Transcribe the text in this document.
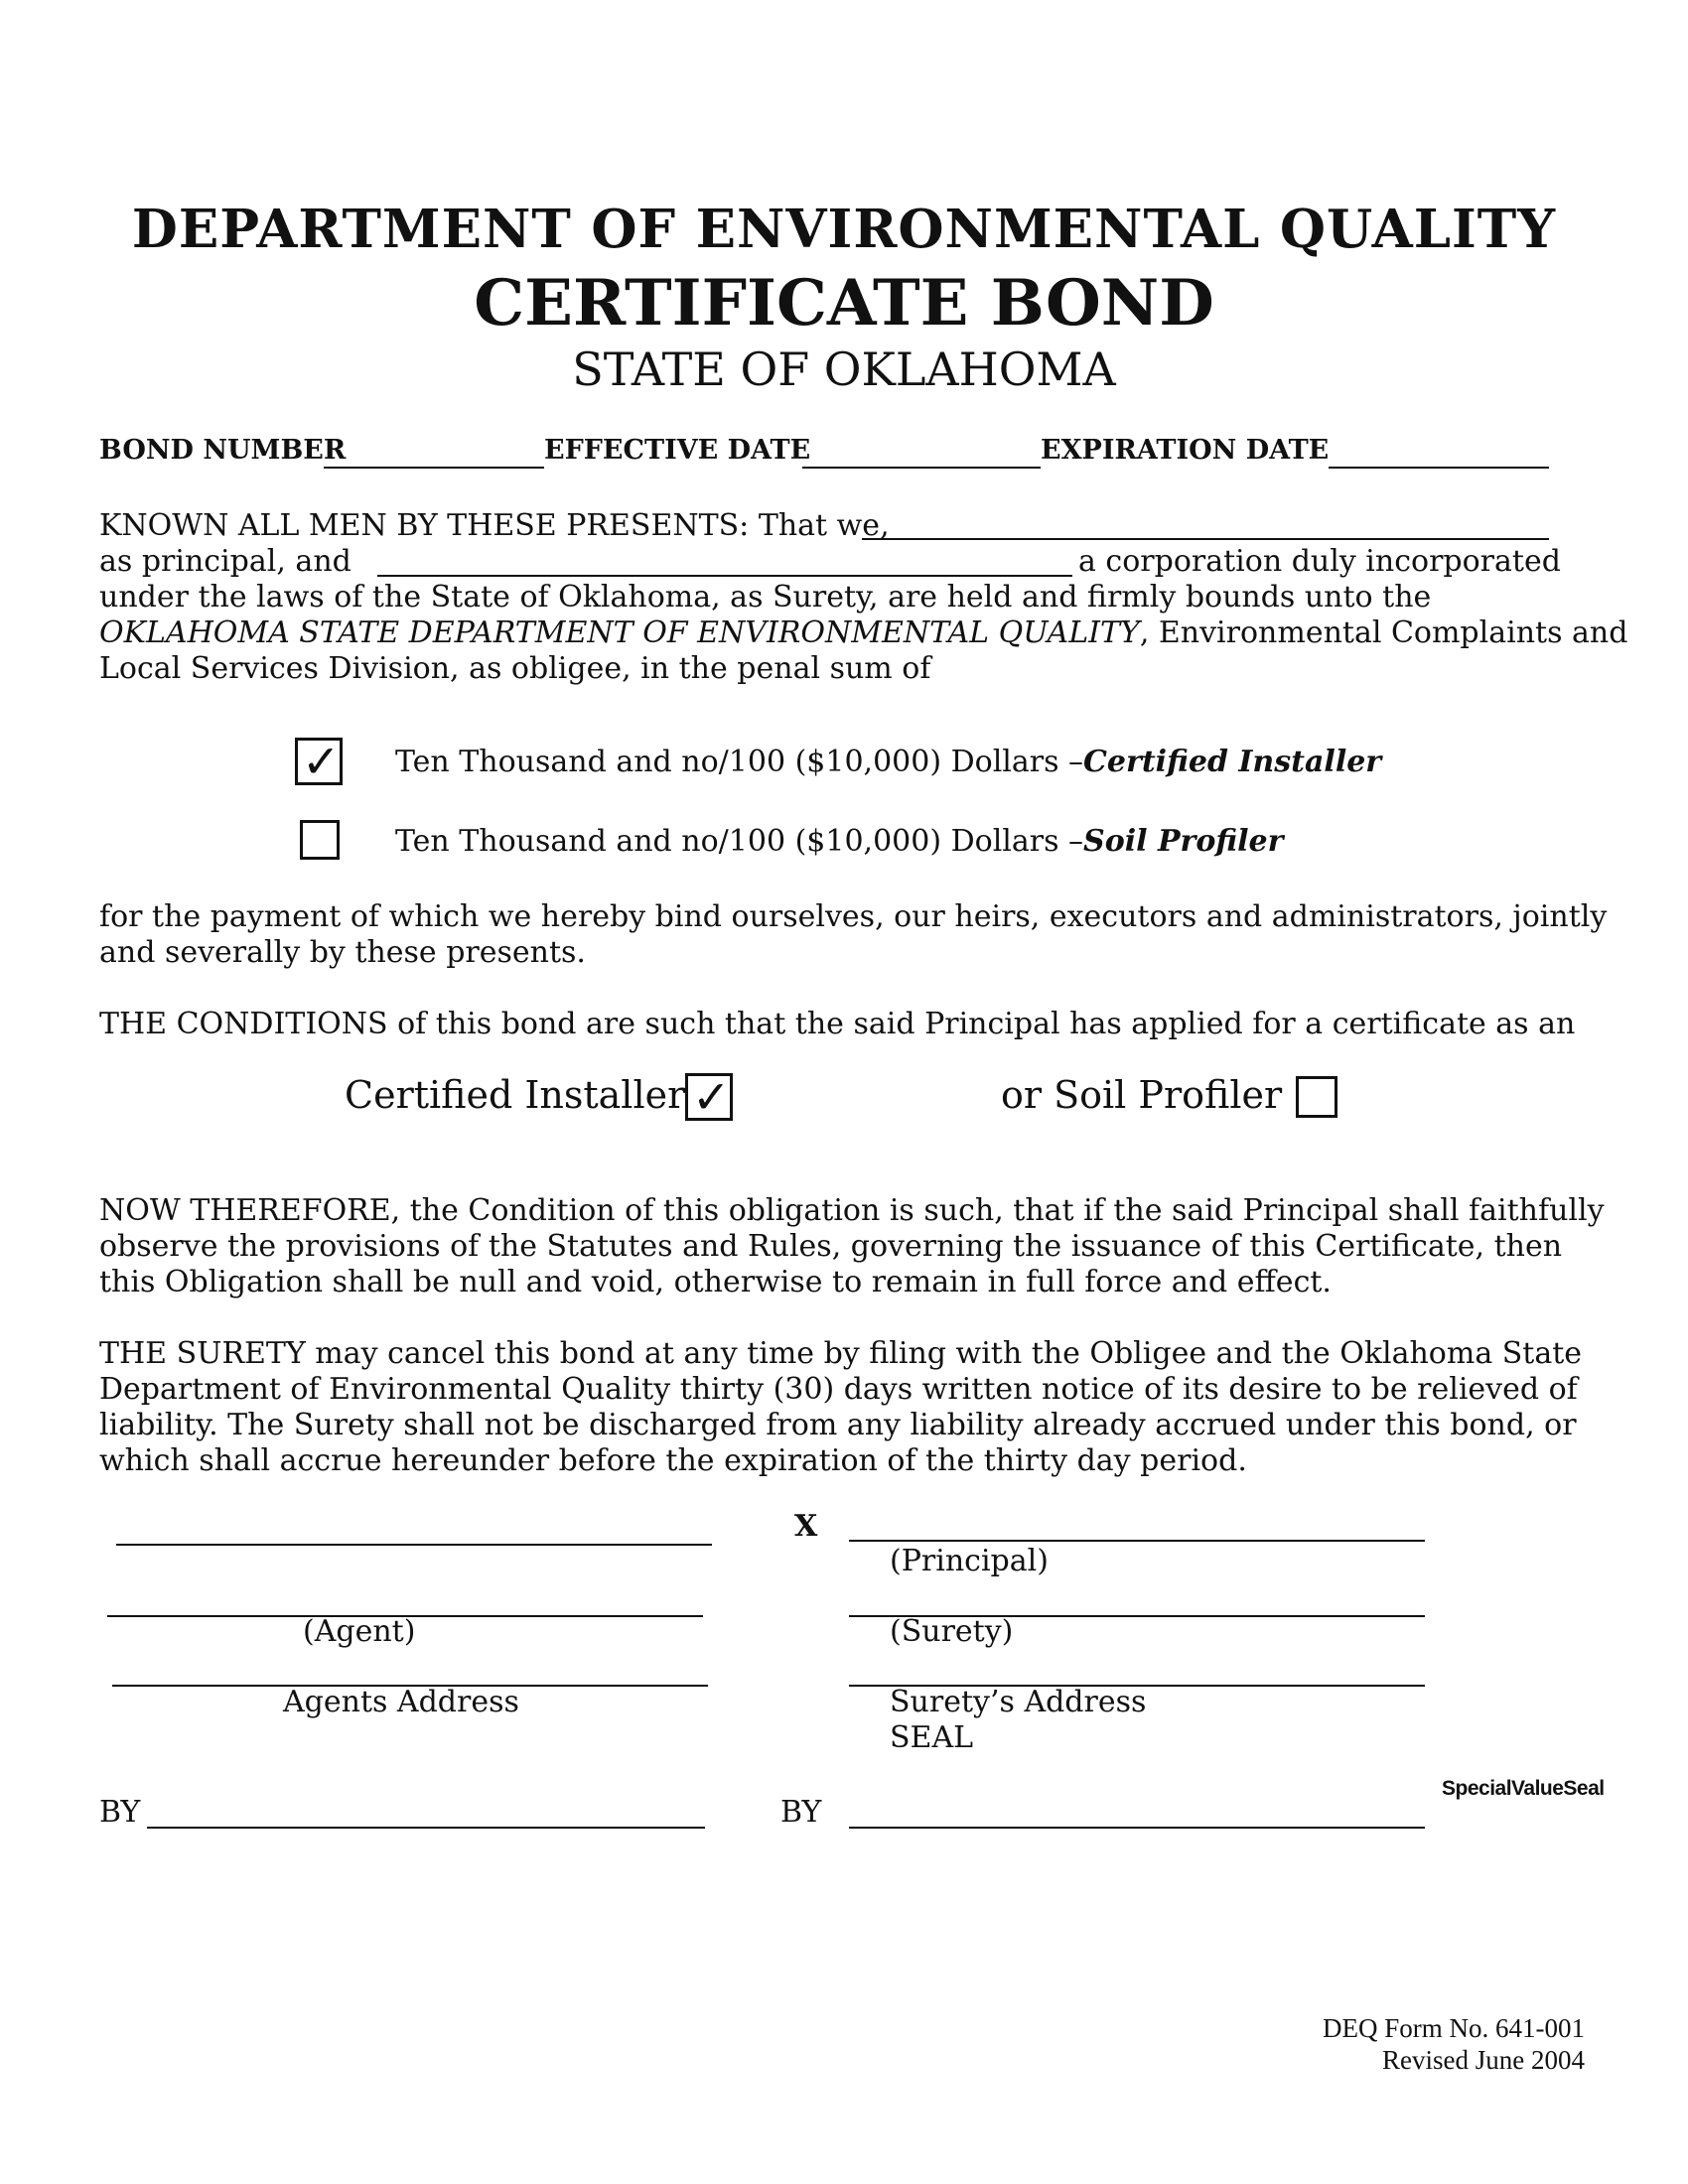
DEPARTMENT OF ENVIRONMENTAL QUALITY
CERTIFICATE BOND
STATE OF OKLAHOMA
BOND NUMBER	EFFECTIVE DATE	EXPIRATION DATE
KNOWN ALL MEN BY THESE PRESENTS: That we,
as principal, and	a corporation duly incorporated
under the laws of the State of Oklahoma, as Surety, are held and firmly bounds unto the
OKLAHOMA STATE DEPARTMENT OF ENVIRONMENTAL QUALITY, Environmental Complaints and
Local Services Division, as obligee, in the penal sum of
✓ Ten Thousand and no/100 ($10,000) Dollars –Certified Installer
Ten Thousand and no/100 ($10,000) Dollars –Soil Profiler
for the payment of which we hereby bind ourselves, our heirs, executors and administrators, jointly
and severally by these presents.
THE CONDITIONS of this bond are such that the said Principal has applied for a certificate as an
Certified Installer ✓	or Soil Profiler
NOW THEREFORE, the Condition of this obligation is such, that if the said Principal shall faithfully
observe the provisions of the Statutes and Rules, governing the issuance of this Certificate, then
this Obligation shall be null and void, otherwise to remain in full force and effect.
THE SURETY may cancel this bond at any time by filing with the Obligee and the Oklahoma State
Department of Environmental Quality thirty (30) days written notice of its desire to be relieved of
liability. The Surety shall not be discharged from any liability already accrued under this bond, or
which shall accrue hereunder before the expiration of the thirty day period.
X
(Principal)
(Agent)	(Surety)
Agents Address	Surety’s Address
SEAL
SpecialValueSeal
BY	BY
DEQ Form No. 641-001
Revised June 2004
